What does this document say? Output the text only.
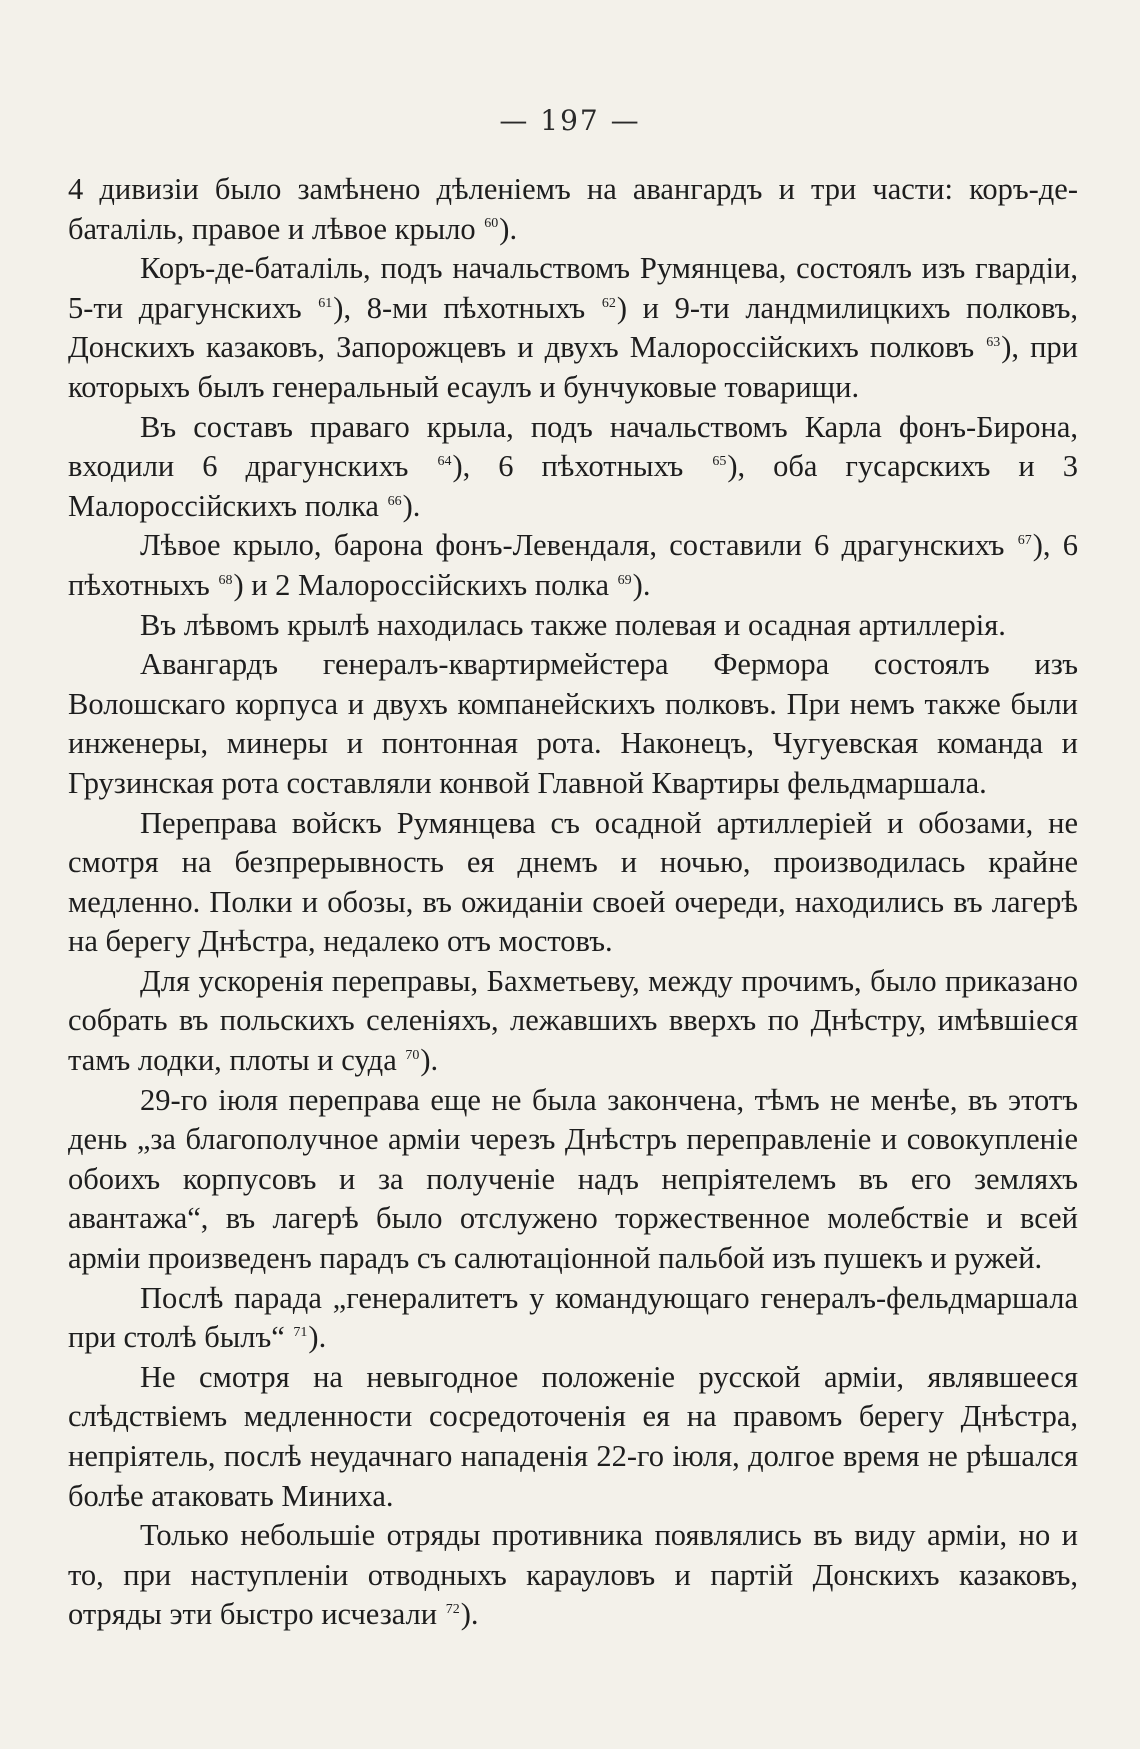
— 197 —

4 дивизіи было замѣнено дѣленіемъ на авангардъ и три части: коръ-де-баталіль, правое и лѣвое крыло $^{60}$).

Коръ-де-баталіль, подъ начальствомъ Румянцева, состоялъ изъ гвардіи, 5-ти драгунскихъ $^{61}$), 8-ми пѣхотныхъ $^{62}$) и 9-ти ландмилицкихъ полковъ, Донскихъ казаковъ, Запорожцевъ и двухъ Малороссійскихъ полковъ $^{63}$), при которыхъ былъ генеральный есаулъ и бунчуковые товарищи.

Въ составъ праваго крыла, подъ начальствомъ Карла фонъ-Бирона, входили 6 драгунскихъ $^{64}$), 6 пѣхотныхъ $^{65}$), оба гусарскихъ и 3 Малороссійскихъ полка $^{66}$).

Лѣвое крыло, барона фонъ-Левендаля, составили 6 драгунскихъ $^{67}$), 6 пѣхотныхъ $^{68}$) и 2 Малороссійскихъ полка $^{69}$).

Въ лѣвомъ крылѣ находилась также полевая и осадная артиллерія.

Авангардъ генералъ-квартирмейстера Фермора состоялъ изъ Волошскаго корпуса и двухъ компанейскихъ полковъ. При немъ также были инженеры, минеры и понтонная рота. Наконецъ, Чугуевская команда и Грузинская рота составляли конвой Главной Квартиры фельдмаршала.

Переправа войскъ Румянцева съ осадной артиллеріей и обозами, не смотря на безпрерывность ея днемъ и ночью, производилась крайне медленно. Полки и обозы, въ ожиданіи своей очереди, находились въ лагерѣ на берегу Днѣстра, недалеко отъ мостовъ.

Для ускоренія переправы, Бахметьеву, между прочимъ, было приказано собрать въ польскихъ селеніяхъ, лежавшихъ вверхъ по Днѣстру, имѣвшіеся тамъ лодки, плоты и суда $^{70}$).

29-го іюля переправа еще не была закончена, тѣмъ не менѣе, въ этотъ день „за благополучное арміи черезъ Днѣстръ переправленіе и совокупленіе обоихъ корпусовъ и за полученіе надъ непріятелемъ въ его земляхъ авантажа“, въ лагерѣ было отслужено торжественное молебствіе и всей арміи произведенъ парадъ съ салютаціонной пальбой изъ пушекъ и ружей.

Послѣ парада „генералитетъ у командующаго генералъ-фельдмаршала при столѣ былъ“ $^{71}$).

Не смотря на невыгодное положеніе русской арміи, являвшееся слѣдствіемъ медленности сосредоточенія ея на правомъ берегу Днѣстра, непріятель, послѣ неудачнаго нападенія 22-го іюля, долгое время не рѣшался болѣе атаковать Миниха.

Только небольшіе отряды противника появлялись въ виду арміи, но и то, при наступленіи отводныхъ карауловъ и партій Донскихъ казаковъ, отряды эти быстро исчезали $^{72}$).
